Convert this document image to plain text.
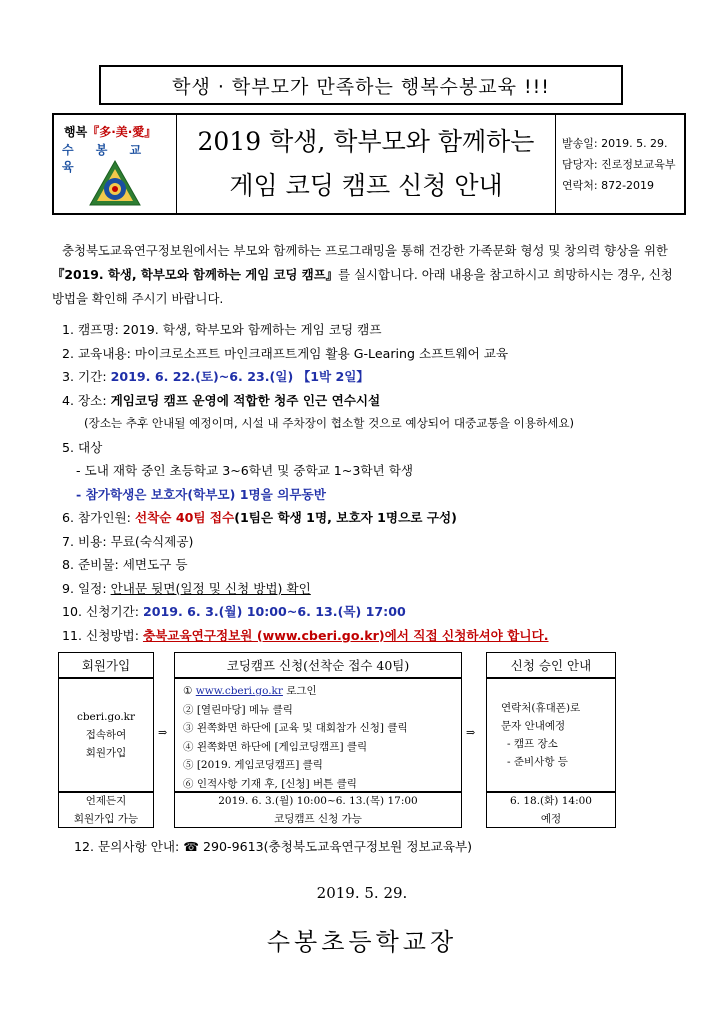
학생 · 학부모가 만족하는 행복수봉교육 !!!
행복『多·美·愛』
수 봉 교 육
2019 학생, 학부모와 함께하는
게임 코딩 캠프 신청 안내
발송일: 2019. 5. 29.
담당자: 진로정보교육부
연락처: 872-2019
충청북도교육연구정보원에서는 부모와 함께하는 프로그래밍을 통해 건강한 가족문화 형성 및 창의력 향상을 위한 『2019. 학생, 학부모와 함께하는 게임 코딩 캠프』를 실시합니다. 아래 내용을 참고하시고 희망하시는 경우, 신청방법을 확인해 주시기 바랍니다.
1. 캠프명: 2019. 학생, 학부모와 함께하는 게임 코딩 캠프
2. 교육내용: 마이크로소프트 마인크래프트게임 활용 G-Learing 소프트웨어 교육
3. 기간: 2019. 6. 22.(토)~6. 23.(일) 【1박 2일】
4. 장소: 게임코딩 캠프 운영에 적합한 청주 인근 연수시설
(장소는 추후 안내될 예정이며, 시설 내 주차장이 협소할 것으로 예상되어 대중교통을 이용하세요)
5. 대상
- 도내 재학 중인 초등학교 3~6학년 및 중학교 1~3학년 학생
- 참가학생은 보호자(학부모) 1명을 의무동반
6. 참가인원: 선착순 40팀 접수(1팀은 학생 1명, 보호자 1명으로 구성)
7. 비용: 무료(숙식제공)
8. 준비물: 세면도구 등
9. 일정: 안내문 뒷면(일정 및 신청 방법) 확인
10. 신청기간: 2019. 6. 3.(월) 10:00~6. 13.(목) 17:00
11. 신청방법: 충북교육연구정보원 (www.cberi.go.kr)에서 직접 신청하셔야 합니다.
회원가입
cberi.go.kr
접속하여
회원가입
언제든지
회원가입 가능
⇒
코딩캠프 신청(선착순 접수 40팀)
① www.cberi.go.kr 로그인
② [열린마당] 메뉴 클릭
③ 왼쪽화면 하단에 [교육 및 대회참가 신청] 클릭
④ 왼쪽화면 하단에 [게임코딩캠프] 클릭
⑤ [2019. 게임코딩캠프] 클릭
⑥ 인적사항 기재 후, [신청] 버튼 클릭
2019. 6. 3.(월) 10:00~6. 13.(목) 17:00
코딩캠프 신청 가능
⇒
신청 승인 안내
연락처(휴대폰)로
문자 안내예정
- 캠프 장소
- 준비사항 등
6. 18.(화) 14:00
예정
12. 문의사항 안내: ☎ 290-9613(충청북도교육연구정보원 정보교육부)
2019. 5. 29.
수봉초등학교장
